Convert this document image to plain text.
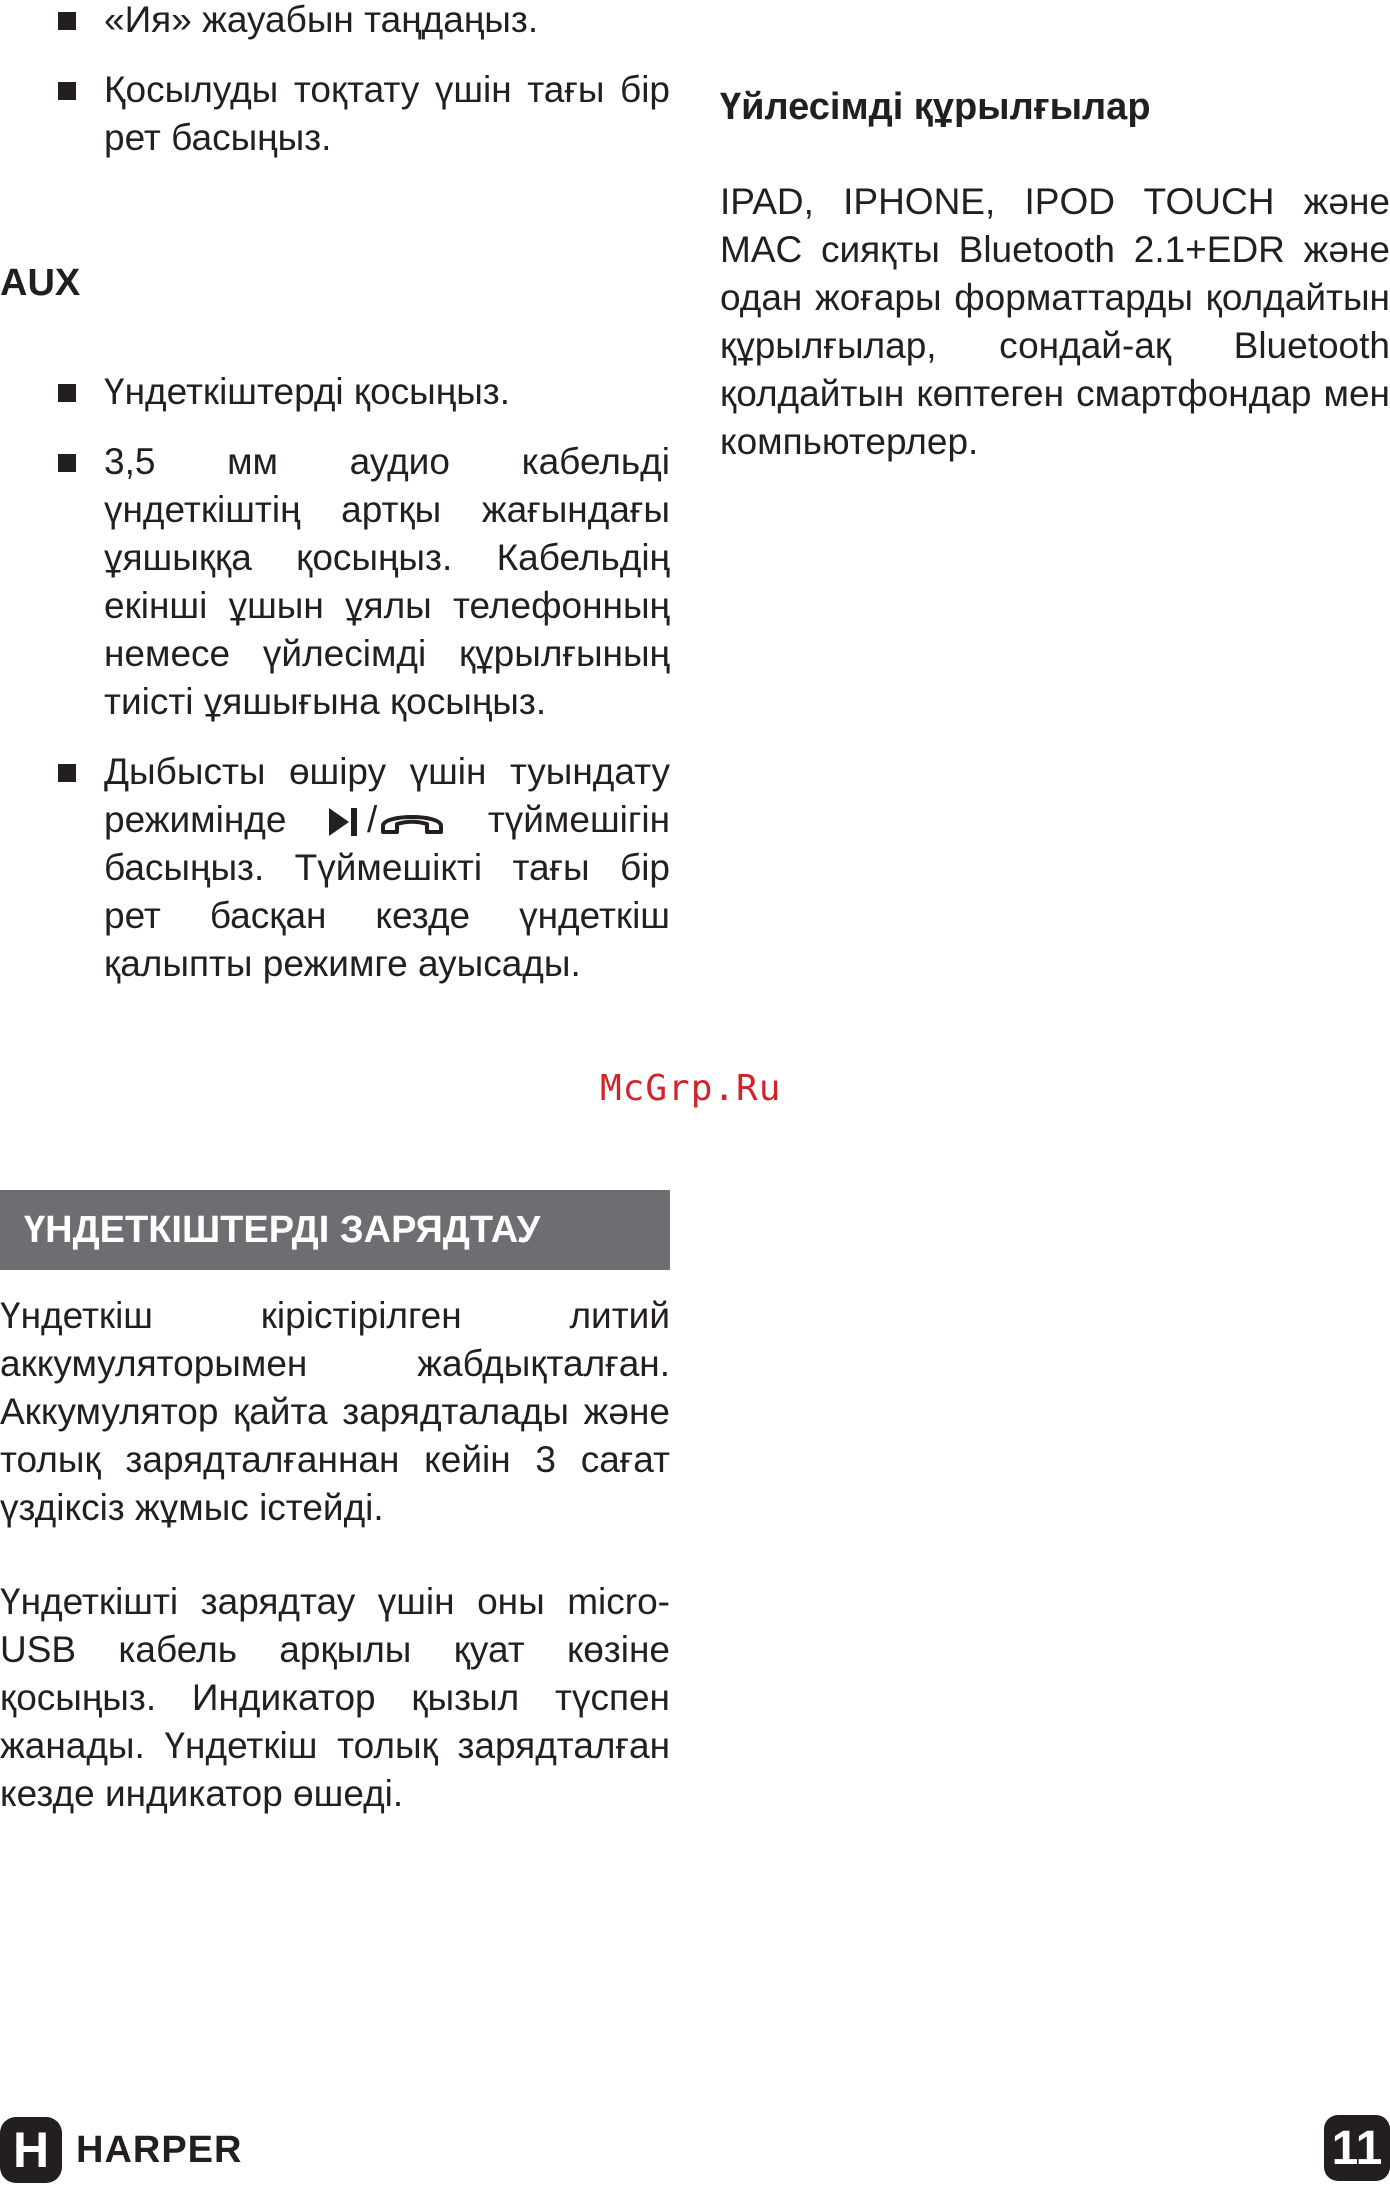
«Ия» жауабын таңдаңыз.
Қосылуды тоқтату үшін тағы бір рет басыңыз.
AUX
Үндеткіштерді қосыңыз.
3,5 мм аудио кабельді үндеткіштің артқы жағындағы ұяшыққа қосыңыз. Кабельдің екінші ұшын ұялы телефонның немесе үйлесімді құрылғының тиісті ұяшығына қосыңыз.
Дыбысты өшіру үшін туындату режимінде / түймешігін басыңыз. Түймешікті тағы бір рет басқан кезде үндеткіш қалыпты режимге ауысады.
McGrp.Ru
ҮНДЕТКІШТЕРДІ ЗАРЯДТАУ

Үндеткіш кірістірілген литий аккумуляторымен жабдықталған. Аккумулятор қайта зарядталады және толық зарядталғаннан кейін 3 сағат үздіксіз жұмыс істейді.

Үндеткішті зарядтау үшін оны micro-USB кабель арқылы қуат көзіне қосыңыз. Индикатор қызыл түспен жанады. Үндеткіш толық зарядталған кезде индикатор өшеді.

Үйлесімді құрылғылар

IPAD, IPHONE, IPOD TOUCH және MAC сияқты Bluetooth 2.1+EDR және одан жоғары форматтарды қолдайтын құрылғылар, сондай-ақ Bluetooth қолдайтын көптеген смартфондар мен компьютерлер.

H HARPER	11
